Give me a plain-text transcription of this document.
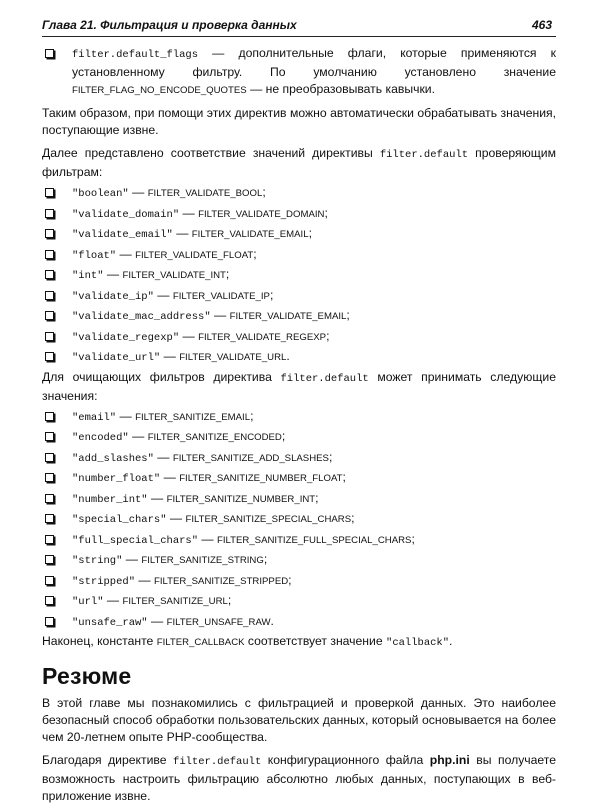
Глава 21. Фильтрация и проверка данных	463
filter.default_flags — дополнительные флаги, которые применяются к установленному фильтру. По умолчанию установлено значение FILTER_FLAG_NO_ENCODE_QUOTES — не преобразовывать кавычки.
Таким образом, при помощи этих директив можно автоматически обрабатывать значения, поступающие извне.
Далее представлено соответствие значений директивы filter.default проверяющим фильтрам:
"boolean" — FILTER_VALIDATE_BOOL;
"validate_domain" — FILTER_VALIDATE_DOMAIN;
"validate_email" — FILTER_VALIDATE_EMAIL;
"float" — FILTER_VALIDATE_FLOAT;
"int" — FILTER_VALIDATE_INT;
"validate_ip" — FILTER_VALIDATE_IP;
"validate_mac_address" — FILTER_VALIDATE_EMAIL;
"validate_regexp" — FILTER_VALIDATE_REGEXP;
"validate_url" — FILTER_VALIDATE_URL.
Для очищающих фильтров директива filter.default может принимать следующие значения:
"email" — FILTER_SANITIZE_EMAIL;
"encoded" — FILTER_SANITIZE_ENCODED;
"add_slashes" — FILTER_SANITIZE_ADD_SLASHES;
"number_float" — FILTER_SANITIZE_NUMBER_FLOAT;
"number_int" — FILTER_SANITIZE_NUMBER_INT;
"special_chars" — FILTER_SANITIZE_SPECIAL_CHARS;
"full_special_chars" — FILTER_SANITIZE_FULL_SPECIAL_CHARS;
"string" — FILTER_SANITIZE_STRING;
"stripped" — FILTER_SANITIZE_STRIPPED;
"url" — FILTER_SANITIZE_URL;
"unsafe_raw" — FILTER_UNSAFE_RAW.
Наконец, константе FILTER_CALLBACK соответствует значение "callback".
Резюме
В этой главе мы познакомились с фильтрацией и проверкой данных. Это наиболее безопасный способ обработки пользовательских данных, который основывается на более чем 20-летнем опыте PHP-сообщества.
Благодаря директиве filter.default конфигурационного файла php.ini вы получаете возможность настроить фильтрацию абсолютно любых данных, поступающих в веб-приложение извне.
